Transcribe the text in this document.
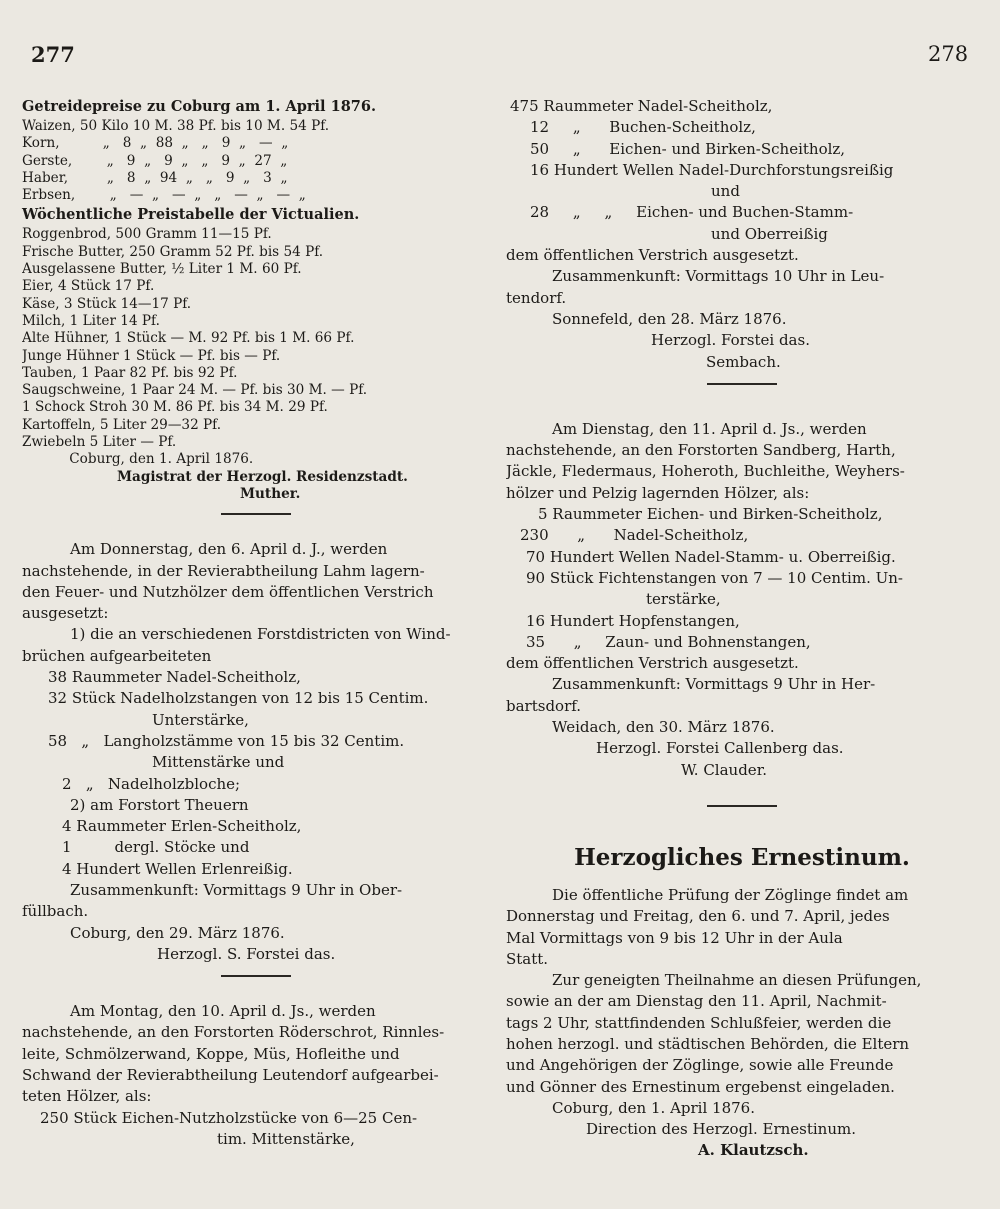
277	278
Getreidepreise zu Coburg am 1. April 1876.
Waizen, 50 Kilo 10 M. 38 Pf. bis 10 M. 54 Pf.
Korn,          „   8  „  88  „   „   9  „   —  „
Gerste,        „   9  „   9  „   „   9  „  27  „
Haber,         „   8  „  94  „   „   9  „   3  „
Erbsen,        „   —  „   —  „   „   —  „   —  „
Wöchentliche Preistabelle der Victualien.
Roggenbrod, 500 Gramm 11—15 Pf.
Frische Butter, 250 Gramm 52 Pf. bis 54 Pf.
Ausgelassene Butter, ½ Liter 1 M. 60 Pf.
Eier, 4 Stück 17 Pf.
Käse, 3 Stück 14—17 Pf.
Milch, 1 Liter 14 Pf.
Alte Hühner, 1 Stück — M. 92 Pf. bis 1 M. 66 Pf.
Junge Hühner 1 Stück — Pf. bis — Pf.
Tauben, 1 Paar 82 Pf. bis 92 Pf.
Saugschweine, 1 Paar 24 M. — Pf. bis 30 M. — Pf.
1 Schock Stroh 30 M. 86 Pf. bis 34 M. 29 Pf.
Kartoffeln, 5 Liter 29—32 Pf.
Zwiebeln 5 Liter — Pf.
Coburg, den 1. April 1876.
Magistrat der Herzogl. Residenzstadt.
Muther.
Am Donnerstag, den 6. April d. J., werden
nachstehende, in der Revierabtheilung Lahm lagern-
den Feuer- und Nutzhölzer dem öffentlichen Verstrich
ausgesetzt:
1) die an verschiedenen Forstdistricten von Wind-
brüchen aufgearbeiteten
38 Raummeter Nadel-Scheitholz,
32 Stück Nadelholzstangen von 12 bis 15 Centim.
Unterstärke,
58   „   Langholzstämme von 15 bis 32 Centim.
Mittenstärke und
2   „   Nadelholzbloche;
2) am Forstort Theuern
4 Raummeter Erlen-Scheitholz,
1         dergl. Stöcke und
4 Hundert Wellen Erlenreißig.
Zusammenkunft: Vormittags 9 Uhr in Ober-
füllbach.
Coburg, den 29. März 1876.
Herzogl. S. Forstei das.
Am Montag, den 10. April d. Js., werden
nachstehende, an den Forstorten Röderschrot, Rinnles-
leite, Schmölzerwand, Koppe, Müs, Hofleithe und
Schwand der Revierabtheilung Leutendorf aufgearbei-
teten Hölzer, als:
250 Stück Eichen-Nutzholzstücke von 6—25 Cen-
tim. Mittenstärke,
475 Raummeter Nadel-Scheitholz,
12     „      Buchen-Scheitholz,
50     „      Eichen- und Birken-Scheitholz,
16 Hundert Wellen Nadel-Durchforstungsreißig
und
28     „     „     Eichen- und Buchen-Stamm-
und Oberreißig
dem öffentlichen Verstrich ausgesetzt.
Zusammenkunft: Vormittags 10 Uhr in Leu-
tendorf.
Sonnefeld, den 28. März 1876.
Herzogl. Forstei das.
Sembach.
Am Dienstag, den 11. April d. Js., werden
nachstehende, an den Forstorten Sandberg, Harth,
Jäckle, Fledermaus, Hoheroth, Buchleithe, Weyhers-
hölzer und Pelzig lagernden Hölzer, als:
5 Raummeter Eichen- und Birken-Scheitholz,
230      „      Nadel-Scheitholz,
70 Hundert Wellen Nadel-Stamm- u. Oberreißig.
90 Stück Fichtenstangen von 7 — 10 Centim. Un-
terstärke,
16 Hundert Hopfenstangen,
35      „     Zaun- und Bohnenstangen,
dem öffentlichen Verstrich ausgesetzt.
Zusammenkunft: Vormittags 9 Uhr in Her-
bartsdorf.
Weidach, den 30. März 1876.
Herzogl. Forstei Callenberg das.
W. Clauder.
Herzogliches Ernestinum.
Die öffentliche Prüfung der Zöglinge findet am
Donnerstag und Freitag, den 6. und 7. April, jedes
Mal Vormittags von 9 bis 12 Uhr in der Aula
Statt.
Zur geneigten Theilnahme an diesen Prüfungen,
sowie an der am Dienstag den 11. April, Nachmit-
tags 2 Uhr, stattfindenden Schlußfeier, werden die
hohen herzogl. und städtischen Behörden, die Eltern
und Angehörigen der Zöglinge, sowie alle Freunde
und Gönner des Ernestinum ergebenst eingeladen.
Coburg, den 1. April 1876.
Direction des Herzogl. Ernestinum.
A. Klautzsch.
